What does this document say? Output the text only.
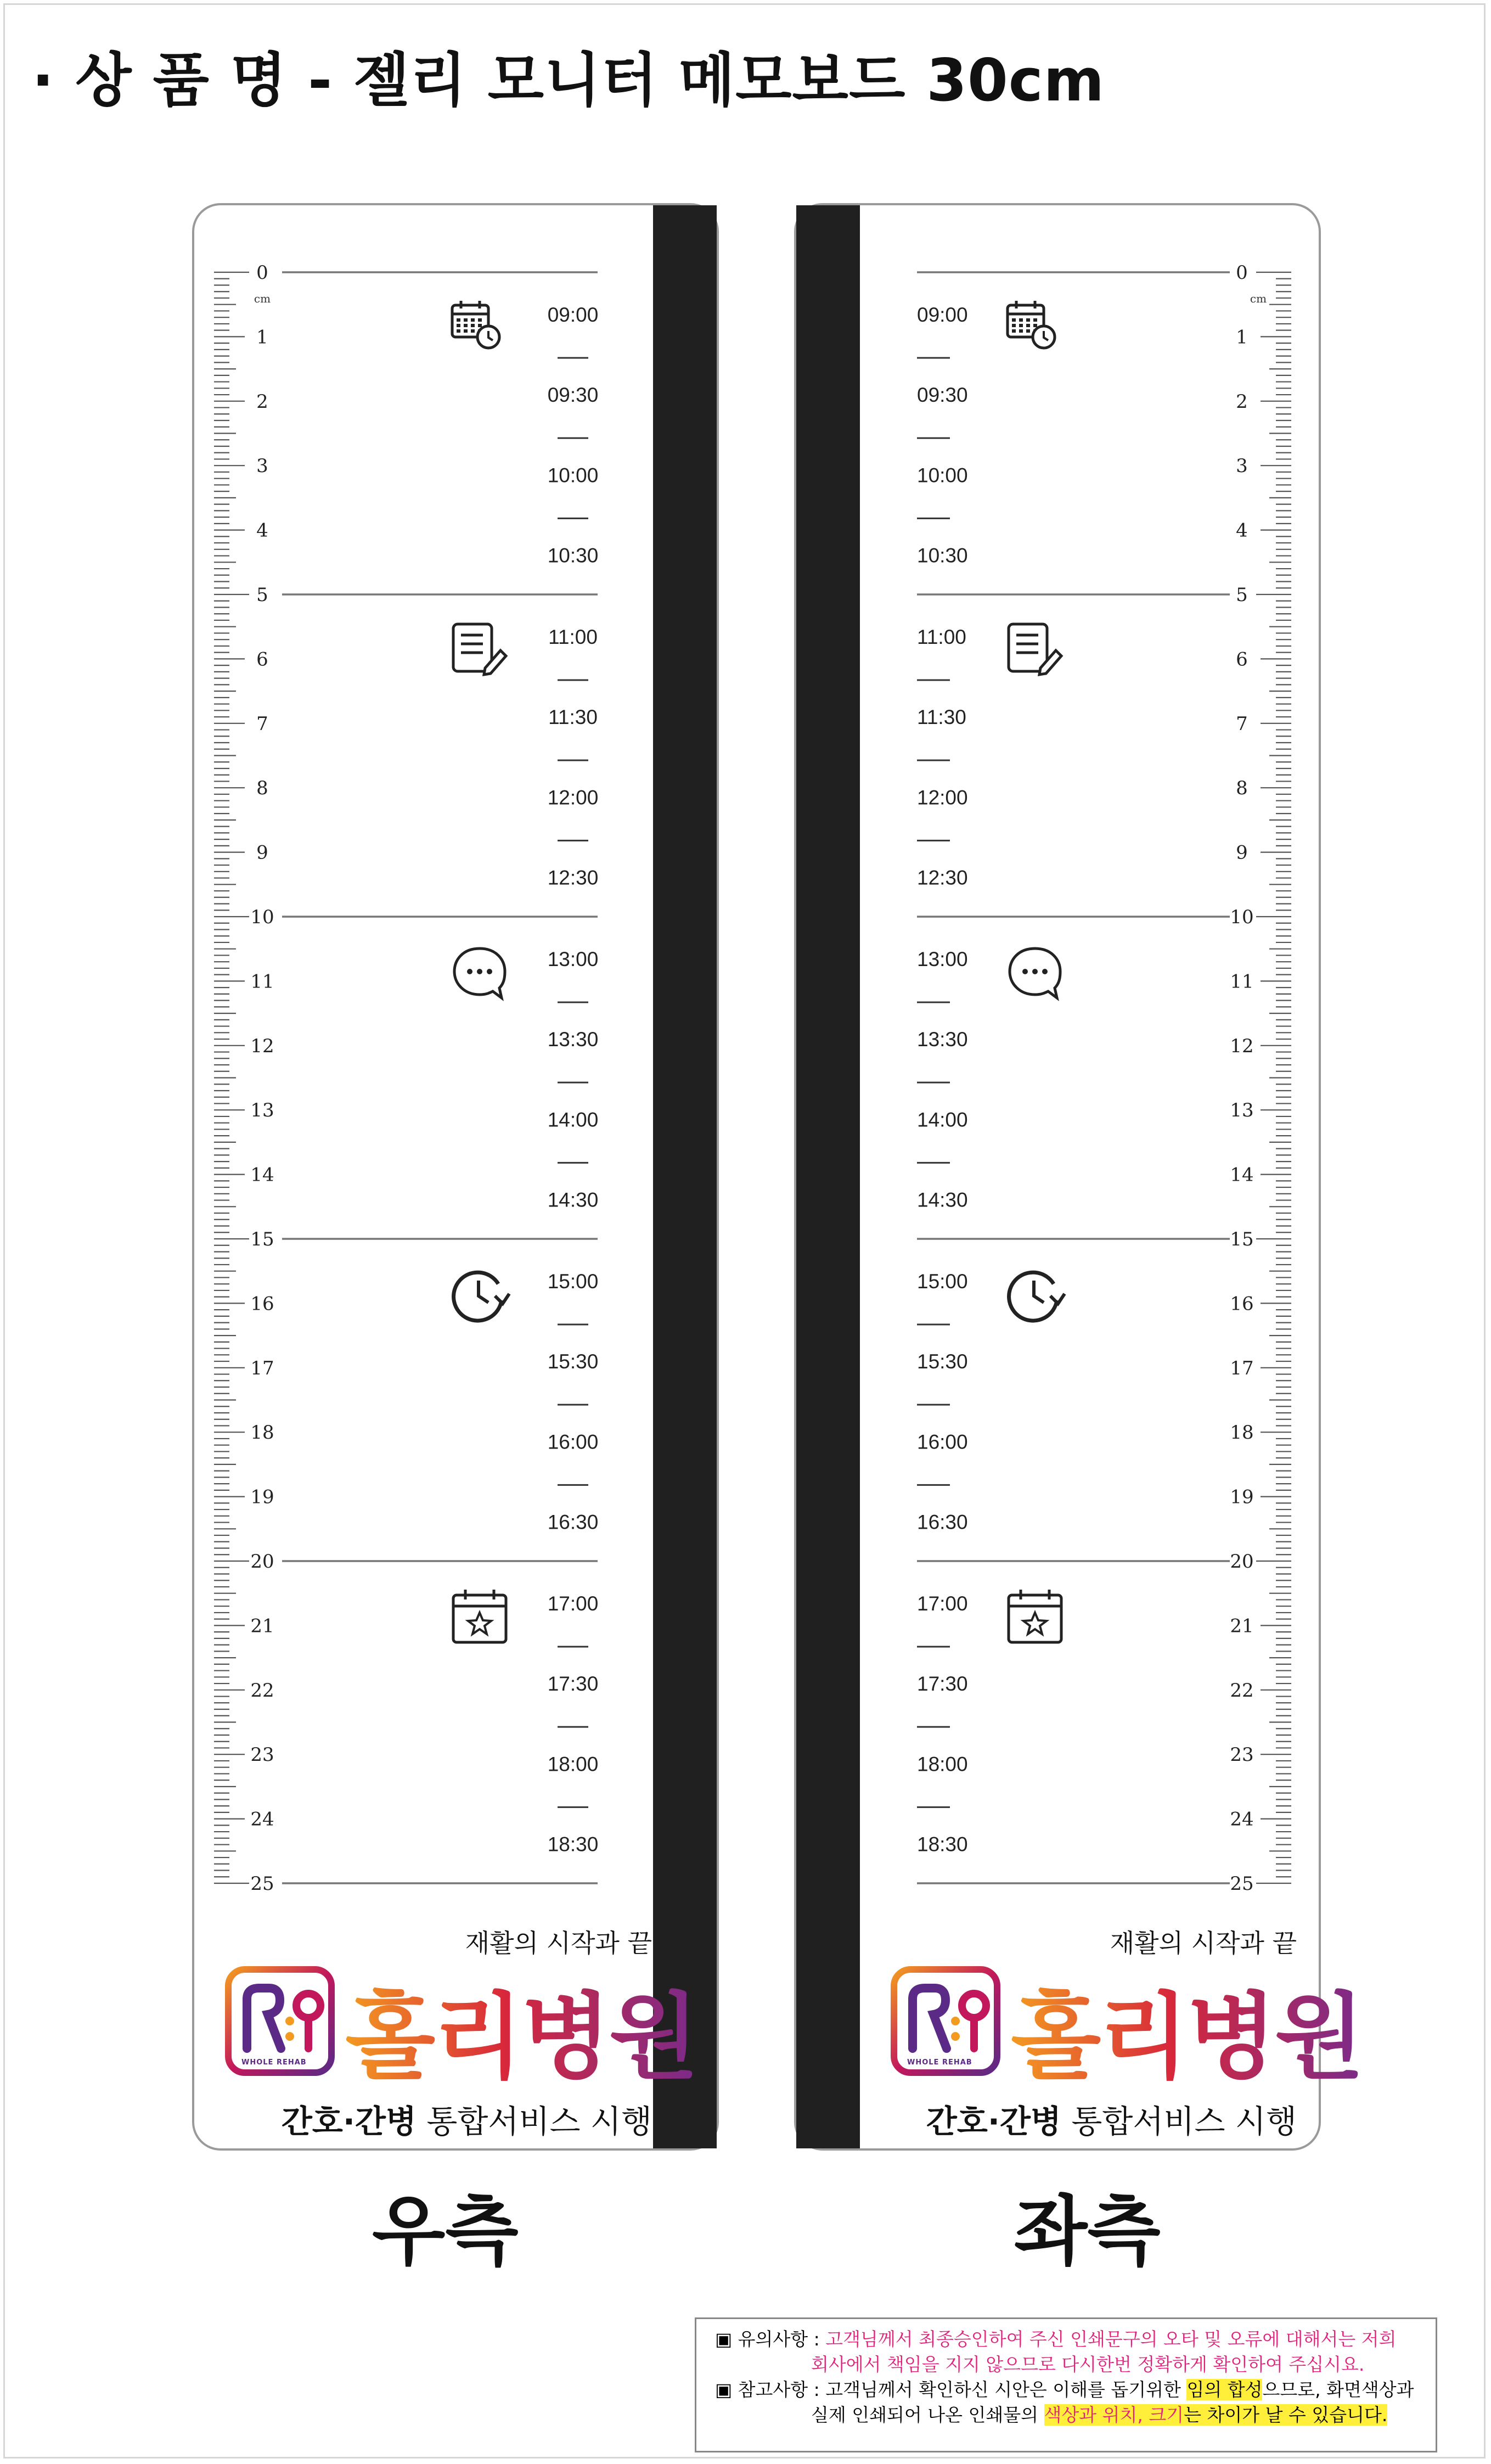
· 상 품 명 - 젤리 모니터 메모보드 30cm
cm
0
1
2
3
4
5
6
7
8
9
10
11
12
13
14
15
16
17
18
19
20
21
22
23
24
25
09:00
09:30
10:00
10:30
11:00
11:30
12:00
12:30
13:00
13:30
14:00
14:30
15:00
15:30
16:00
16:30
17:00
17:30
18:00
18:30
재활의 시작과 끝
WHOLE REHAB 홀리병원
간호·간병 통합서비스 시행
cm
0
1
2
3
4
5
6
7
8
9
10
11
12
13
14
15
16
17
18
19
20
21
22
23
24
25
09:00
09:30
10:00
10:30
11:00
11:30
12:00
12:30
13:00
13:30
14:00
14:30
15:00
15:30
16:00
16:30
17:00
17:30
18:00
18:30
재활의 시작과 끝
WHOLE REHAB 홀리병원
간호·간병 통합서비스 시행
우측	좌측
▣ 유의사항 : 고객님께서 최종승인하여 주신 인쇄문구의 오타 및 오류에 대해서는 저희
회사에서 책임을 지지 않으므로 다시한번 정확하게 확인하여 주십시요.
▣ 참고사항 : 고객님께서 확인하신 시안은 이해를 돕기위한 임의 합성으므로, 화면색상과
실제 인쇄되어 나온 인쇄물의 색상과 위치, 크기는 차이가 날 수 있습니다.
